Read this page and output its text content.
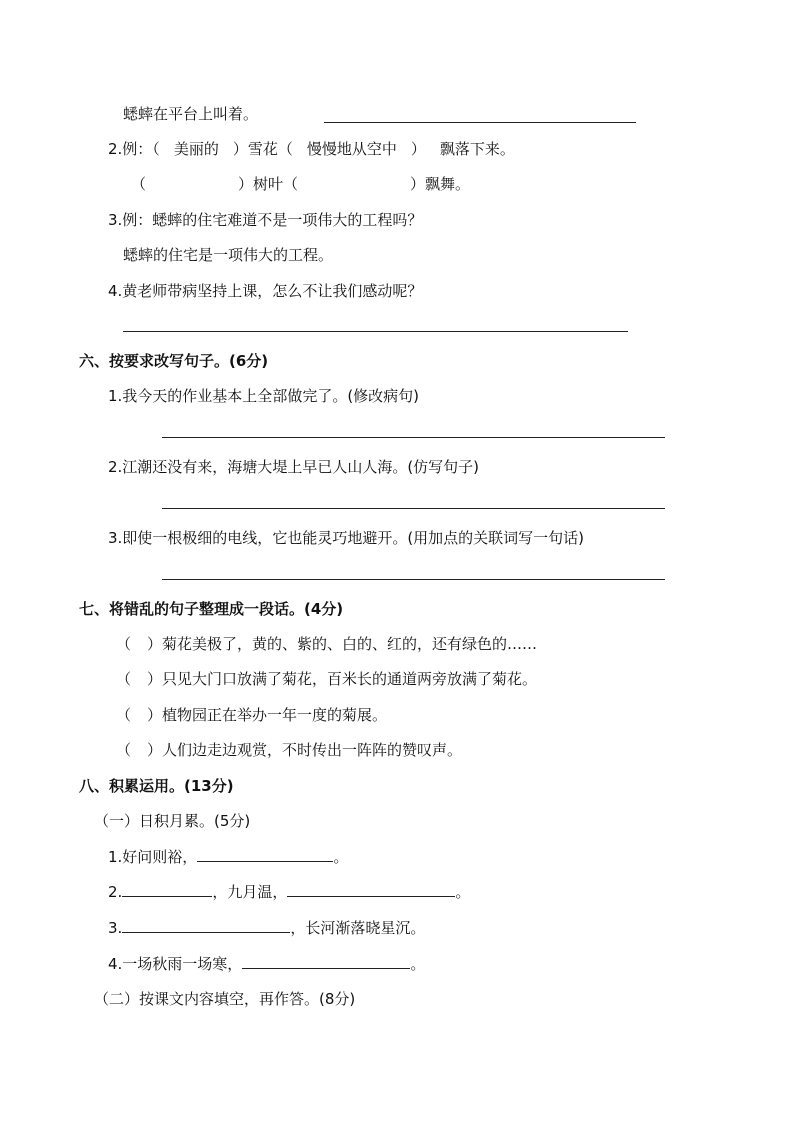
蟋蟀在平台上叫着。
2.例：（ 美丽的 ）雪花（ 慢慢地从空中 ） 飘落下来。
（	）树叶（	）飘舞。
3.例：蟋蟀的住宅难道不是一项伟大的工程吗？
蟋蟀的住宅是一项伟大的工程。
4.黄老师带病坚持上课，怎么不让我们感动呢？
六、按要求改写句子。(6分)
1.我今天的作业基本上全部做完了。(修改病句)
2.江潮还没有来，海塘大堤上早已人山人海。(仿写句子)
3.即使一根极细的电线，它也能灵巧地避开。(用加点的关联词写一句话)
七、将错乱的句子整理成一段话。(4分)
（ ）菊花美极了，黄的、紫的、白的、红的，还有绿色的……
（ ）只见大门口放满了菊花，百米长的通道两旁放满了菊花。
（ ）植物园正在举办一年一度的菊展。
（ ）人们边走边观赏，不时传出一阵阵的赞叹声。
八、积累运用。(13分)
（一）日积月累。(5分)
1.好问则裕，	。
2.	，九月温，	。
3.	，长河渐落晓星沉。
4.一场秋雨一场寒，	。
（二）按课文内容填空，再作答。(8分)
